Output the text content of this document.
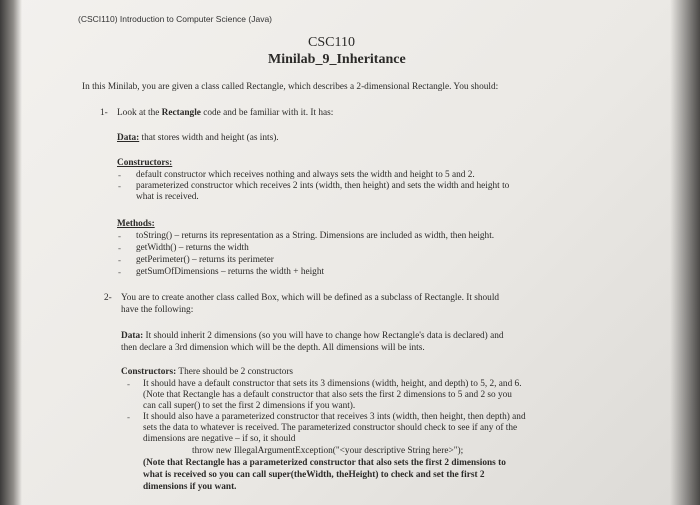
(CSCI110) Introduction to Computer Science (Java)
CSC110
Minilab_9_Inheritance
In this Minilab, you are given a class called Rectangle, which describes a 2-dimensional Rectangle. You should:
1- Look at the Rectangle code and be familiar with it. It has:
Data: that stores width and height (as ints).
Constructors:
- default constructor which receives nothing and always sets the width and height to 5 and 2.
- parameterized constructor which receives 2 ints (width, then height) and sets the width and height to
what is received.
Methods:
- toString() – returns its representation as a String. Dimensions are included as width, then height.
- getWidth() – returns the width
- getPerimeter() – returns its perimeter
- getSumOfDimensions – returns the width + height
2- You are to create another class called Box, which will be defined as a subclass of Rectangle. It should
have the following:
Data: It should inherit 2 dimensions (so you will have to change how Rectangle's data is declared) and
then declare a 3rd dimension which will be the depth. All dimensions will be ints.
Constructors: There should be 2 constructors
- It should have a default constructor that sets its 3 dimensions (width, height, and depth) to 5, 2, and 6.
(Note that Rectangle has a default constructor that also sets the first 2 dimensions to 5 and 2 so you
can call super() to set the first 2 dimensions if you want).
- It should also have a parameterized constructor that receives 3 ints (width, then height, then depth) and
sets the data to whatever is received. The parameterized constructor should check to see if any of the
dimensions are negative – if so, it should
throw new IllegalArgumentException("<your descriptive String here>");
(Note that Rectangle has a parameterized constructor that also sets the first 2 dimensions to
what is received so you can call super(theWidth, theHeight) to check and set the first 2
dimensions if you want.
